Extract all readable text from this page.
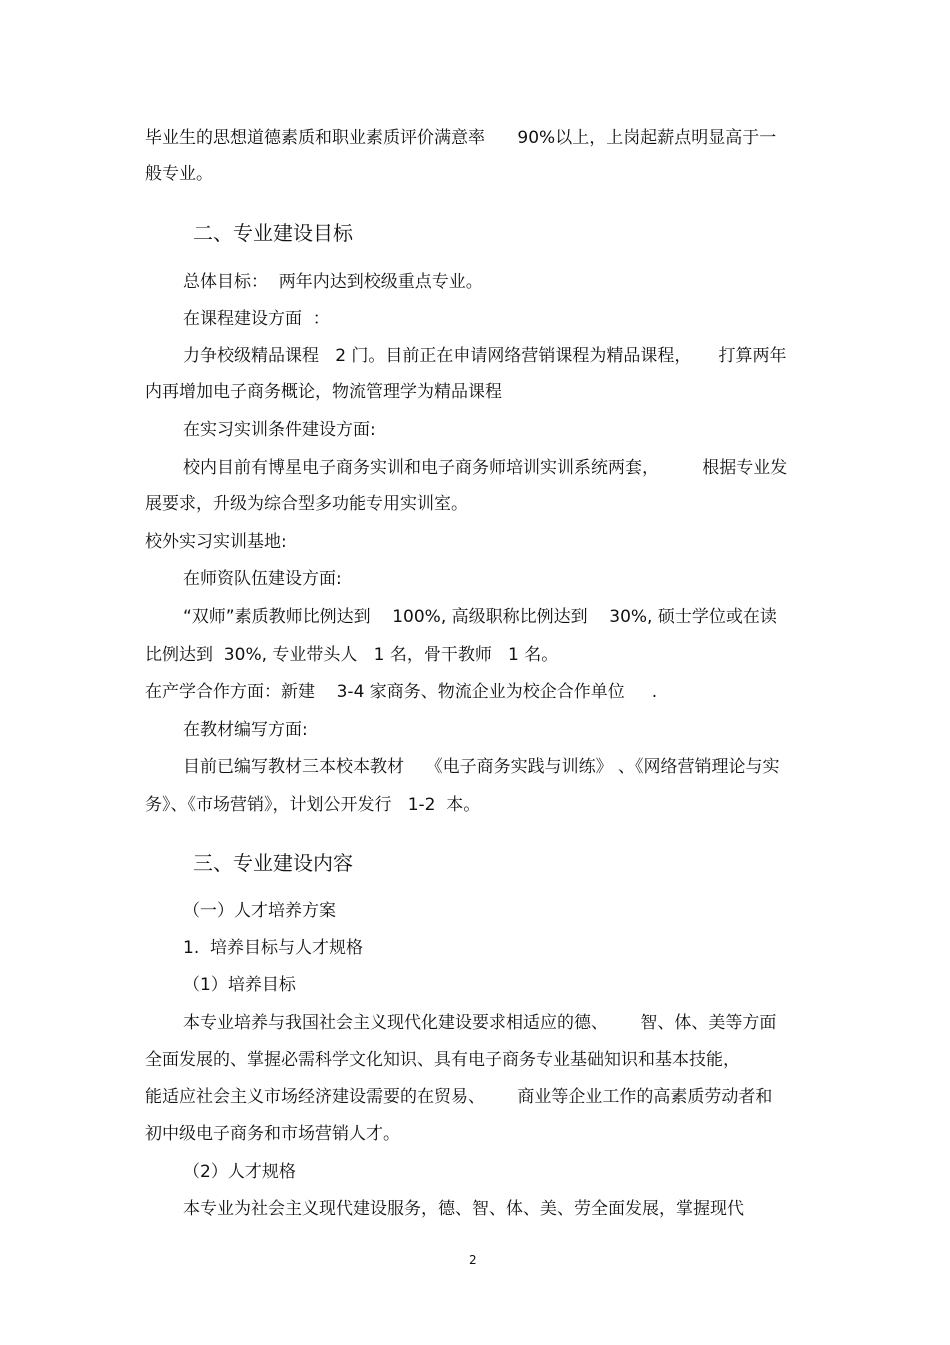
毕业生的思想道德素质和职业素质评价满意率      90%以上，上岗起薪点明显高于一

般专业。

二、专业建设目标

总体目标：  两年内达到校级重点专业。

在课程建设方面  ：

力争校级精品课程   2 门。目前正在申请网络营销课程为精品课程，     打算两年

内再增加电子商务概论，物流管理学为精品课程

在实习实训条件建设方面:

校内目前有博星电子商务实训和电子商务师培训实训系统两套，        根据专业发

展要求，升级为综合型多功能专用实训室。

校外实习实训基地:

在师资队伍建设方面:

“双师”素质教师比例达到    100%, 高级职称比例达到    30%, 硕士学位或在读

比例达到  30%, 专业带头人   1 名，骨干教师   1 名。

在产学合作方面：新建    3-4 家商务、物流企业为校企合作单位     .

在教材编写方面:

目前已编写教材三本校本教材    《电子商务实践与训练》 、《网络营销理论与实

务》、《市场营销》，计划公开发行   1-2  本。

三、专业建设内容

（一）人才培养方案

1.  培养目标与人才规格

（1）培养目标

本专业培养与我国社会主义现代化建设要求相适应的德、      智、体、美等方面

全面发展的、掌握必需科学文化知识、具有电子商务专业基础知识和基本技能，

能适应社会主义市场经济建设需要的在贸易、      商业等企业工作的高素质劳动者和

初中级电子商务和市场营销人才。

（2）人才规格

本专业为社会主义现代建设服务，德、智、体、美、劳全面发展，掌握现代

2
